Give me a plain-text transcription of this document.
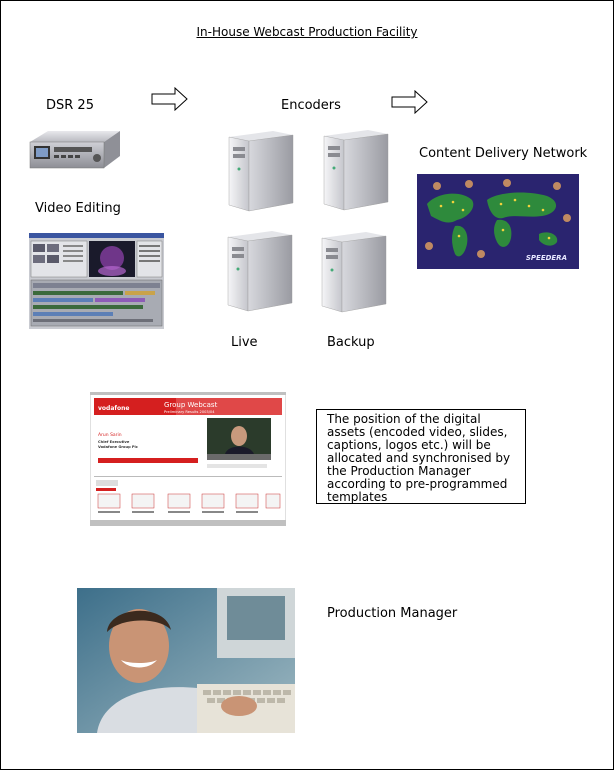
In-House Webcast Production Facility
DSR 25	Encoders
Content Delivery Network
Video Editing
Live	Backup
Production Manager
SPEEDERA
vodafone	Group Webcast
Preliminary Results 2003/04
Arun Sarin
Chief Executive
Vodafone Group Plc
The position of the digital assets (encoded video, slides, captions, logos etc.) will be allocated and synchronised by the Production Manager according to pre-programmed templates
